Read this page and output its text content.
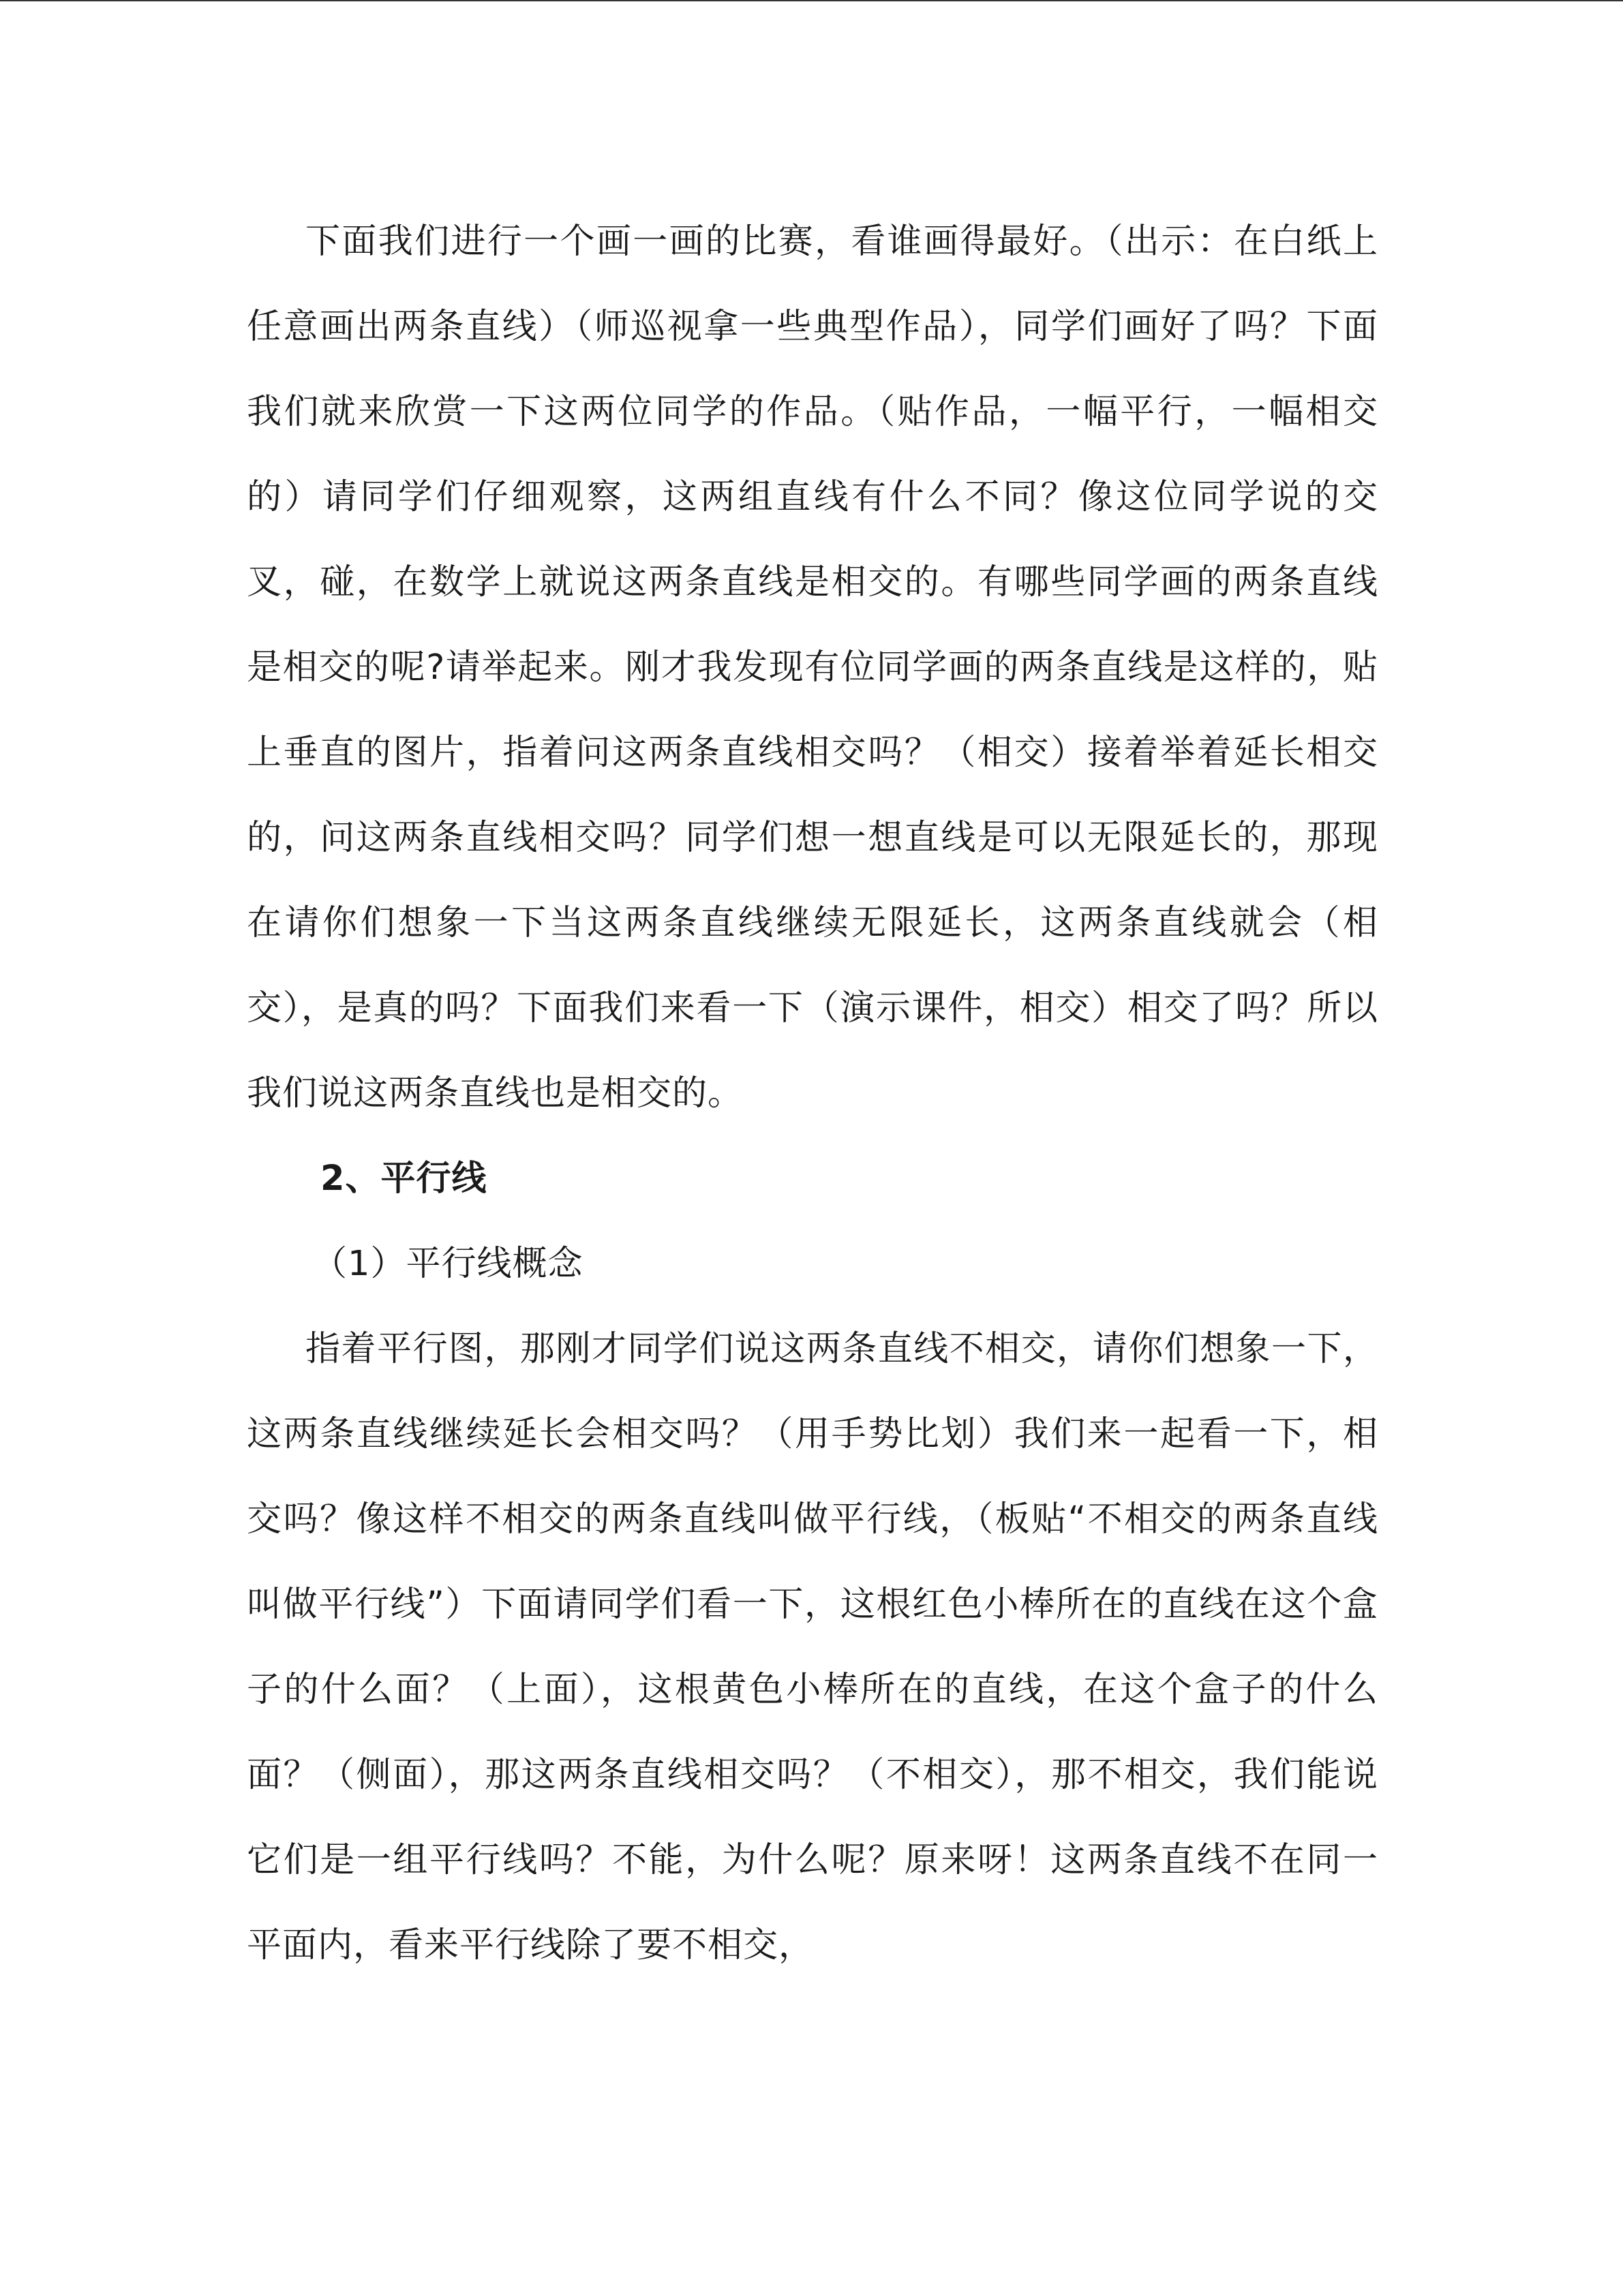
下面我们进行一个画一画的比赛，看谁画得最好。（出示：在白纸上任意画出两条直线）（师巡视拿一些典型作品），同学们画好了吗？下面我们就来欣赏一下这两位同学的作品。（贴作品，一幅平行，一幅相交的）请同学们仔细观察，这两组直线有什么不同？像这位同学说的交叉，碰，在数学上就说这两条直线是相交的。有哪些同学画的两条直线是相交的呢?请举起来。刚才我发现有位同学画的两条直线是这样的，贴上垂直的图片，指着问这两条直线相交吗？（相交）接着举着延长相交的，问这两条直线相交吗？同学们想一想直线是可以无限延长的，那现在请你们想象一下当这两条直线继续无限延长，这两条直线就会（相交），是真的吗？下面我们来看一下（演示课件，相交）相交了吗？所以我们说这两条直线也是相交的。

2、平行线

（1）平行线概念

指着平行图，那刚才同学们说这两条直线不相交，请你们想象一下，这两条直线继续延长会相交吗？（用手势比划）我们来一起看一下，相交吗？像这样不相交的两条直线叫做平行线，（板贴“不相交的两条直线叫做平行线”）下面请同学们看一下，这根红色小棒所在的直线在这个盒子的什么面？（上面），这根黄色小棒所在的直线，在这个盒子的什么面？（侧面），那这两条直线相交吗？（不相交），那不相交，我们能说它们是一组平行线吗？不能，为什么呢？原来呀！这两条直线不在同一平面内，看来平行线除了要不相交，
